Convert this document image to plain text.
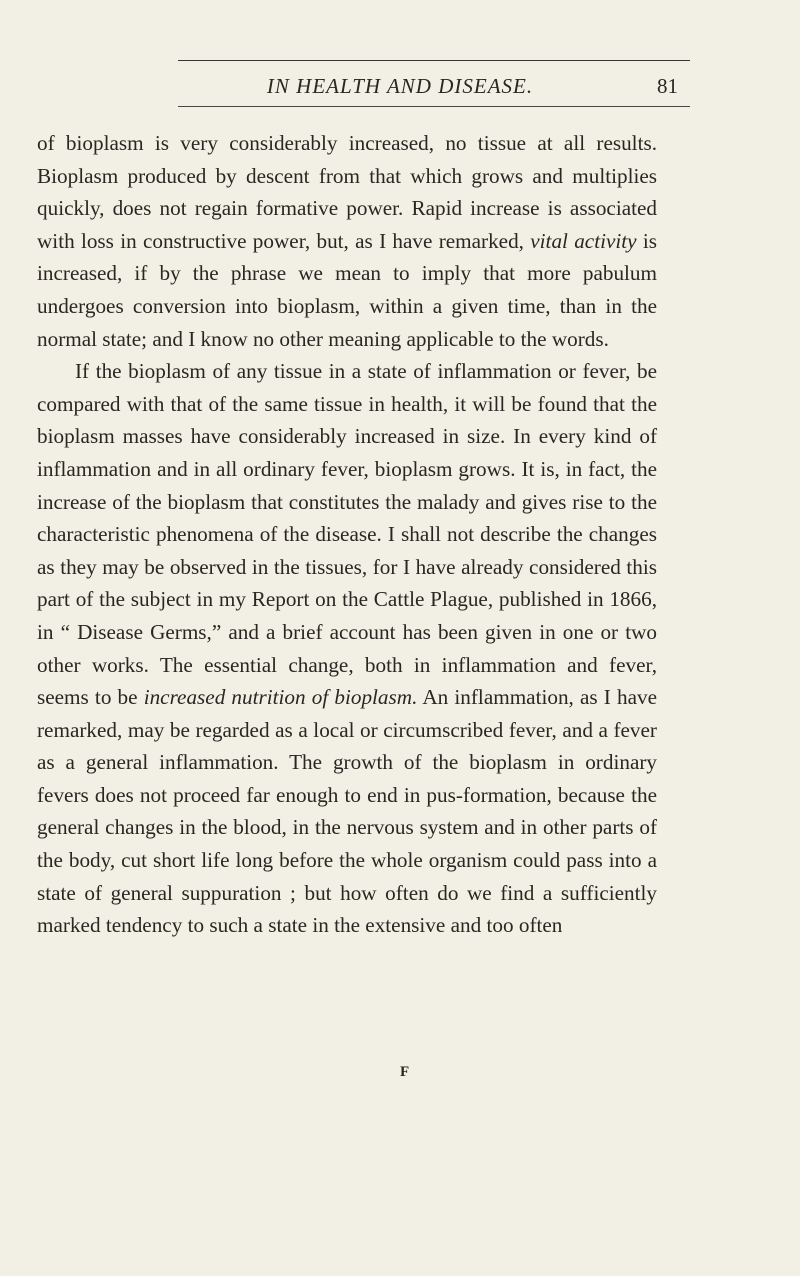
IN HEALTH AND DISEASE.	81

of bioplasm is very considerably increased, no tissue at all results. Bioplasm produced by descent from that which grows and multiplies quickly, does not regain formative power. Rapid increase is associated with loss in constructive power, but, as I have remarked, vital activity is increased, if by the phrase we mean to imply that more pabulum undergoes conversion into bioplasm, within a given time, than in the normal state; and I know no other meaning applicable to the words.

If the bioplasm of any tissue in a state of inflammation or fever, be compared with that of the same tissue in health, it will be found that the bioplasm masses have considerably increased in size. In every kind of inflammation and in all ordinary fever, bioplasm grows. It is, in fact, the increase of the bioplasm that constitutes the malady and gives rise to the characteristic phenomena of the disease. I shall not describe the changes as they may be observed in the tissues, for I have already considered this part of the subject in my Report on the Cattle Plague, published in 1866, in “ Disease Germs,” and a brief account has been given in one or two other works. The essential change, both in inflammation and fever, seems to be increased nutrition of bioplasm. An inflammation, as I have remarked, may be regarded as a local or circumscribed fever, and a fever as a general inflammation. The growth of the bioplasm in ordinary fevers does not proceed far enough to end in pus-formation, because the general changes in the blood, in the nervous system and in other parts of the body, cut short life long before the whole organism could pass into a state of general suppuration ; but how often do we find a sufficiently marked tendency to such a state in the extensive and too often

F
